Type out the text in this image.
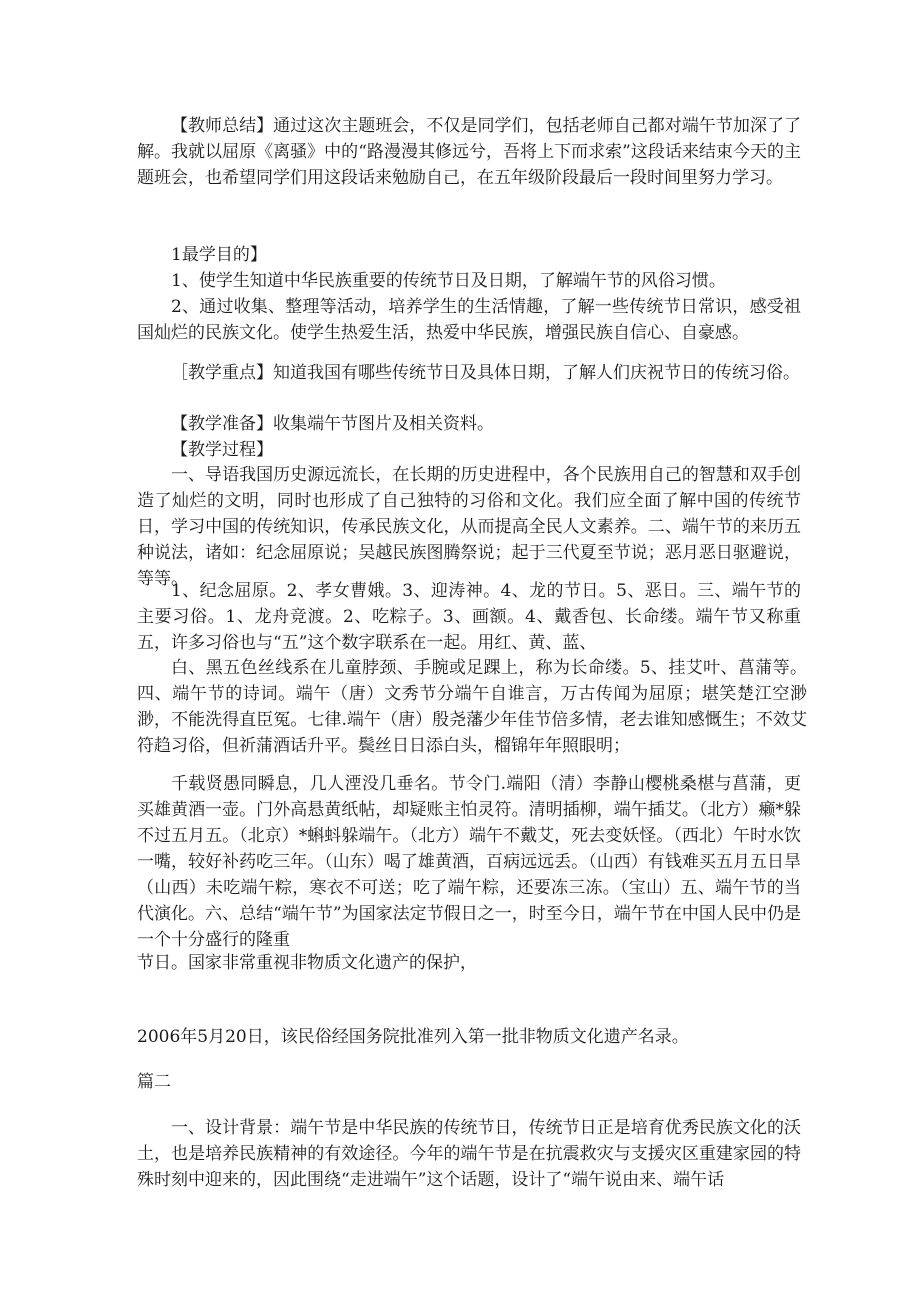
【教师总结】通过这次主题班会，不仅是同学们，包括老师自己都对端午节加深了了解。我就以屈原《离骚》中的“路漫漫其修远兮，吾将上下而求索”这段话来结束今天的主题班会，也希望同学们用这段话来勉励自己，在五年级阶段最后一段时间里努力学习。

1最学目的】

1、使学生知道中华民族重要的传统节日及日期，了解端午节的风俗习惯。

2、通过收集、整理等活动，培养学生的生活情趣，了解一些传统节日常识，感受祖国灿烂的民族文化。使学生热爱生活，热爱中华民族，增强民族自信心、自豪感。

［教学重点】知道我国有哪些传统节日及具体日期，了解人们庆祝节日的传统习俗。

【教学准备】收集端午节图片及相关资料。

【教学过程】

一、导语我国历史源远流长，在长期的历史进程中，各个民族用自己的智慧和双手创造了灿烂的文明，同时也形成了自己独特的习俗和文化。我们应全面了解中国的传统节日，学习中国的传统知识，传承民族文化，从而提高全民人文素养。二、端午节的来历五种说法，诸如：纪念屈原说；吴越民族图腾祭说；起于三代夏至节说；恶月恶日驱避说，等等。

1、纪念屈原。2、孝女曹娥。3、迎涛神。4、龙的节日。5、恶日。三、端午节的主要习俗。1、龙舟竞渡。2、吃粽子。3、画额。4、戴香包、长命缕。端午节又称重五，许多习俗也与“五”这个数字联系在一起。用红、黄、蓝、

白、黑五色丝线系在儿童脖颈、手腕或足踝上，称为长命缕。5、挂艾叶、菖蒲等。四、端午节的诗词。端午（唐）文秀节分端午自谁言，万古传闻为屈原；堪笑楚江空渺渺，不能洗得直臣冤。七律.端午（唐）殷尧藩少年佳节倍多情，老去谁知感慨生；不效艾符趋习俗，但祈蒲酒话升平。鬓丝日日添白头，榴锦年年照眼明；

千载贤愚同瞬息，几人湮没几垂名。节令门.端阳（清）李静山樱桃桑椹与菖蒲，更买雄黄酒一壶。门外高悬黄纸帖，却疑账主怕灵符。清明插柳，端午插艾。（北方）癞*躲不过五月五。（北京）*蝌蚪躲端午。（北方）端午不戴艾，死去变妖怪。（西北）午时水饮一嘴，较好补药吃三年。（山东）喝了雄黄酒，百病远远丢。（山西）有钱难买五月五日旱（山西）未吃端午粽，寒衣不可送；吃了端午粽，还要冻三冻。（宝山）五、端午节的当代演化。六、总结“端午节”为国家法定节假日之一，时至今日，端午节在中国人民中仍是一个十分盛行的隆重

节日。国家非常重视非物质文化遗产的保护，

2006年5月20日，该民俗经国务院批准列入第一批非物质文化遗产名录。

篇二

一、设计背景：端午节是中华民族的传统节日，传统节日正是培育优秀民族文化的沃土，也是培养民族精神的有效途径。今年的端午节是在抗震救灾与支援灾区重建家园的特殊时刻中迎来的，因此围绕“走进端午”这个话题，设计了“端午说由来、端午话
